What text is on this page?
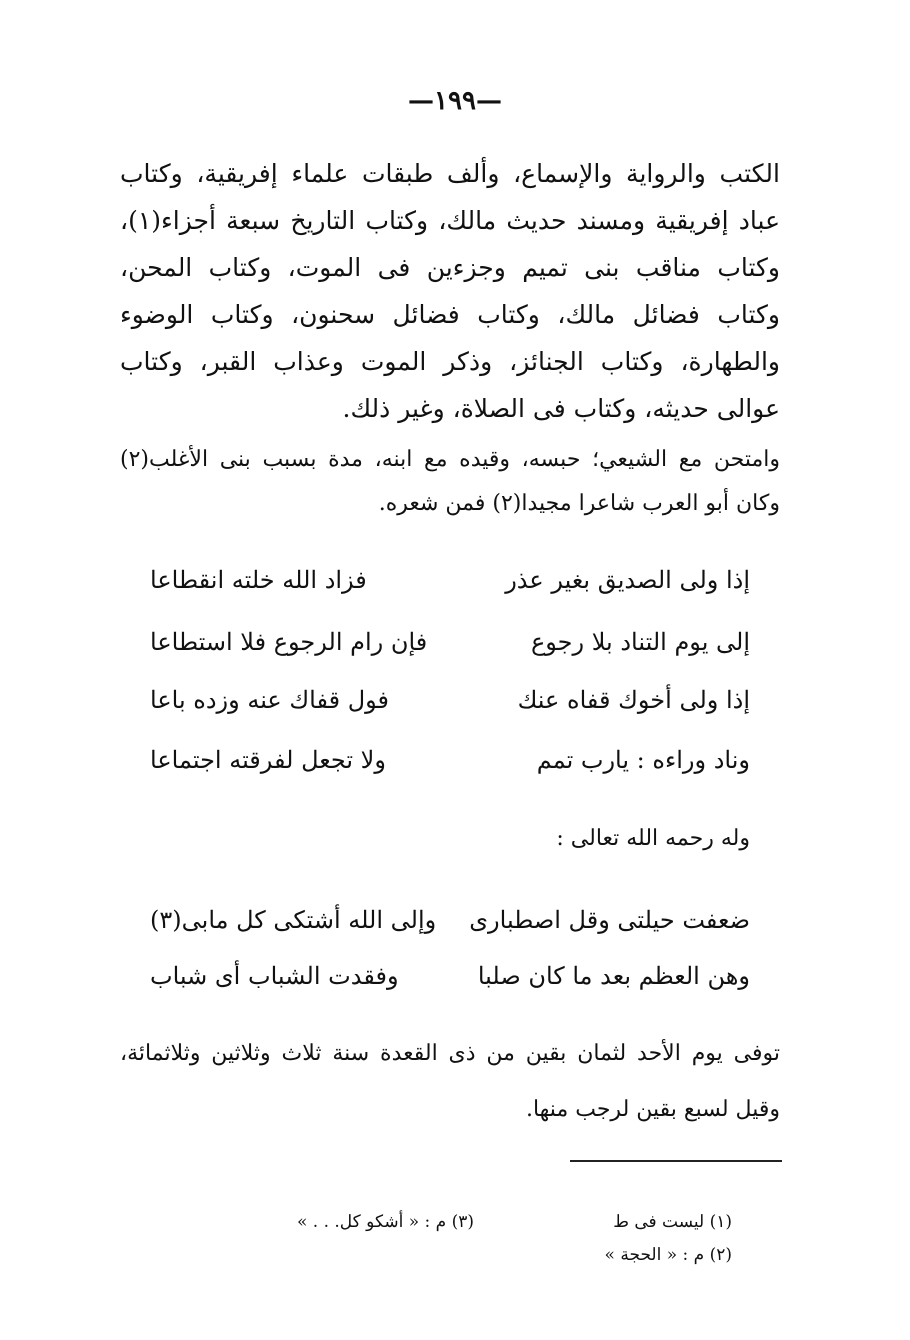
—١٩٩—
الكتب والرواية والإسماع، وألف طبقات علماء إفريقية، وكتاب عباد إفريقية ومسند حديث مالك، وكتاب التاريخ سبعة أجزاء(١)، وكتاب مناقب بنى تميم وجزءين فى الموت، وكتاب المحن، وكتاب فضائل مالك، وكتاب فضائل سحنون، وكتاب الوضوء والطهارة، وكتاب الجنائز، وذكر الموت وعذاب القبر، وكتاب عوالى حديثه، وكتاب فى الصلاة، وغير ذلك.
وامتحن مع الشيعي؛ حبسه، وقيده مع ابنه، مدة بسبب بنى الأغلب(٢) وكان أبو العرب شاعرا مجيدا(٢) فمن شعره.
إذا ولى الصديق بغير عذر
فزاد الله خلته انقطاعا
إلى يوم التناد بلا رجوع
فإن رام الرجوع فلا استطاعا
إذا ولى أخوك قفاه عنك
فول قفاك عنه وزده باعا
وناد وراءه : يارب تمم
ولا تجعل لفرقته اجتماعا
وله رحمه الله تعالى :
ضعفت حيلتى وقل اصطبارى
وإلى الله أشتكى كل مابى(٣)
وهن العظم بعد ما كان صلبا
وفقدت الشباب أى شباب
توفى يوم الأحد لثمان بقين من ذى القعدة سنة ثلاث وثلاثين وثلاثمائة، وقيل لسبع بقين لرجب منها.
(١) ليست فى ط
(٢) م : « الحجة »
(٣) م : « أشكو كل. . . »
